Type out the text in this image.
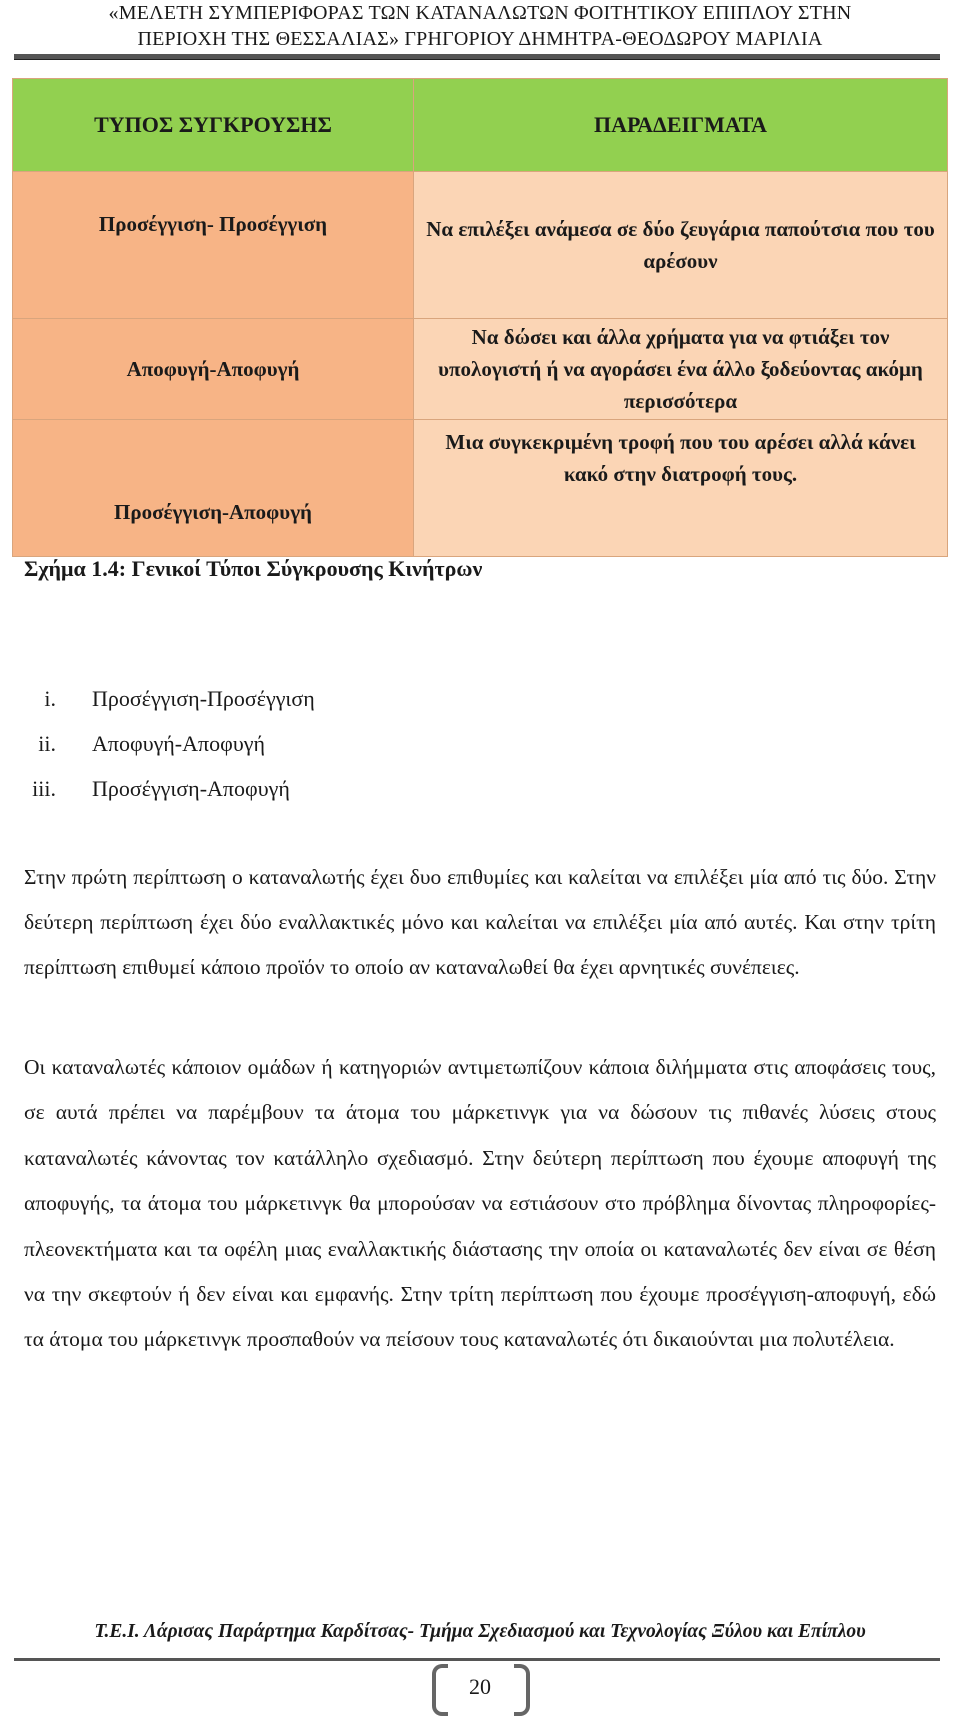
«ΜΕΛΕΤΗ ΣΥΜΠΕΡΙΦΟΡΑΣ ΤΩΝ ΚΑΤΑΝΑΛΩΤΩΝ ΦΟΙΤΗΤΙΚΟΥ ΕΠΙΠΛΟΥ ΣΤΗΝ
ΠΕΡΙΟΧΗ ΤΗΣ ΘΕΣΣΑΛΙΑΣ» ΓΡΗΓΟΡΙΟΥ ΔΗΜΗΤΡΑ-ΘΕΟΔΩΡΟΥ ΜΑΡΙΛΙΑ
ΤΥΠΟΣ ΣΥΓΚΡΟΥΣΗΣ	ΠΑΡΑΔΕΙΓΜΑΤΑ
Προσέγγιση- Προσέγγιση	Να επιλέξει ανάμεσα σε δύο ζευγάρια παπούτσια που του αρέσουν
Αποφυγή-Αποφυγή	Να δώσει και άλλα χρήματα για να φτιάξει τον υπολογιστή ή να αγοράσει ένα άλλο ξοδεύοντας ακόμη περισσότερα
Προσέγγιση-Αποφυγή	Μια συγκεκριμένη τροφή που του αρέσει αλλά κάνει κακό στην διατροφή τους.
Σχήμα 1.4: Γενικοί Τύποι Σύγκρουσης Κινήτρων
i. Προσέγγιση-Προσέγγιση
ii. Αποφυγή-Αποφυγή
iii. Προσέγγιση-Αποφυγή

Στην πρώτη περίπτωση ο καταναλωτής έχει δυο επιθυμίες και καλείται να επιλέξει μία από τις δύο. Στην δεύτερη περίπτωση έχει δύο εναλλακτικές μόνο και καλείται να επιλέξει μία από αυτές. Και στην τρίτη περίπτωση επιθυμεί κάποιο προϊόν το οποίο αν καταναλωθεί θα έχει αρνητικές συνέπειες.

Οι καταναλωτές κάποιον ομάδων ή κατηγοριών αντιμετωπίζουν κάποια διλήμματα στις αποφάσεις τους, σε αυτά πρέπει να παρέμβουν τα άτομα του μάρκετινγκ για να δώσουν τις πιθανές λύσεις στους καταναλωτές κάνοντας τον κατάλληλο σχεδιασμό. Στην δεύτερη περίπτωση που έχουμε αποφυγή της αποφυγής, τα άτομα του μάρκετινγκ θα μπορούσαν να εστιάσουν στο πρόβλημα δίνοντας πληροφορίες-πλεονεκτήματα και τα οφέλη μιας εναλλακτικής διάστασης την οποία οι καταναλωτές δεν είναι σε θέση να την σκεφτούν ή δεν είναι και εμφανής. Στην τρίτη περίπτωση που έχουμε προσέγγιση-αποφυγή, εδώ τα άτομα του μάρκετινγκ προσπαθούν να πείσουν τους καταναλωτές ότι δικαιούνται μια πολυτέλεια.

Τ.Ε.Ι. Λάρισας Παράρτημα Καρδίτσας- Τμήμα Σχεδιασμού και Τεχνολογίας Ξύλου και Επίπλου
20
